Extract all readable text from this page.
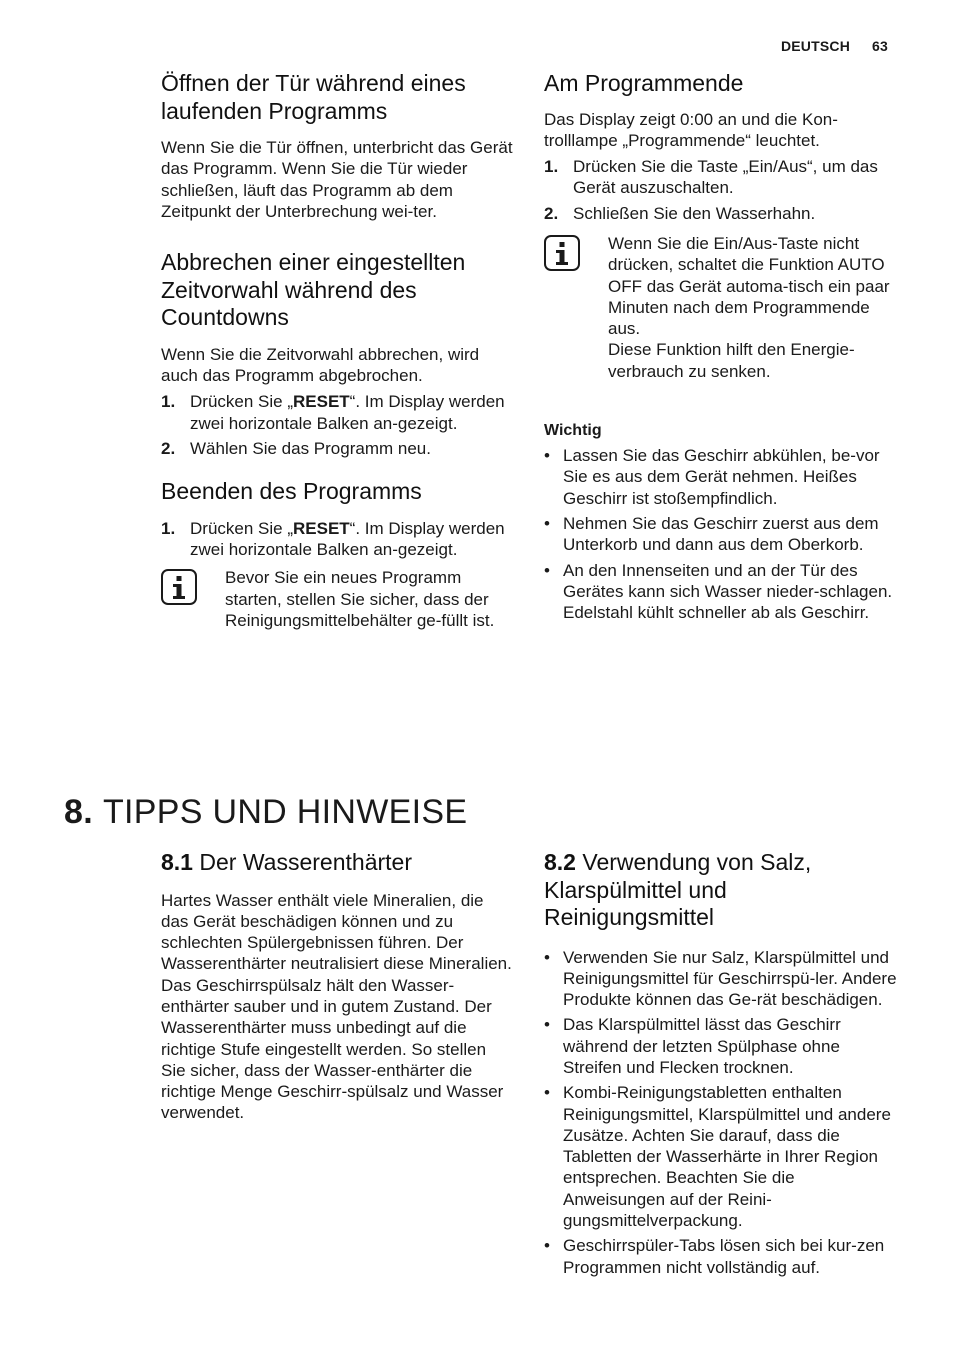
DEUTSCH 63
Öffnen der Tür während eines laufenden Programms

Wenn Sie die Tür öffnen, unterbricht das Gerät das Programm. Wenn Sie die Tür wieder schließen, läuft das Programm ab dem Zeitpunkt der Unterbrechung wei-ter.

Abbrechen einer eingestellten Zeitvorwahl während des Countdowns

Wenn Sie die Zeitvorwahl abbrechen, wird auch das Programm abgebrochen.

1. Drücken Sie „RESET“. Im Display werden zwei horizontale Balken an-gezeigt.
2. Wählen Sie das Programm neu.
Beenden des Programms
1. Drücken Sie „RESET“. Im Display werden zwei horizontale Balken an-gezeigt.

Bevor Sie ein neues Programm starten, stellen Sie sicher, dass der Reinigungsmittelbehälter ge-füllt ist.

Am Programmende

Das Display zeigt 0:00 an und die Kon-trolllampe „Programmende“ leuchtet.

1. Drücken Sie die Taste „Ein/Aus“, um das Gerät auszuschalten.
2. Schließen Sie den Wasserhahn.

Wenn Sie die Ein/Aus-Taste nicht drücken, schaltet die Funktion AUTO OFF das Gerät automa-tisch ein paar Minuten nach dem Programmende aus.

Diese Funktion hilft den Energie-verbrauch zu senken.

Wichtig
• Lassen Sie das Geschirr abkühlen, be-vor Sie es aus dem Gerät nehmen. Heißes Geschirr ist stoßempfindlich.
• Nehmen Sie das Geschirr zuerst aus dem Unterkorb und dann aus dem Oberkorb.
• An den Innenseiten und an der Tür des Gerätes kann sich Wasser nieder-schlagen. Edelstahl kühlt schneller ab als Geschirr.
8. TIPPS UND HINWEISE
8.1 Der Wasserenthärter

Hartes Wasser enthält viele Mineralien, die das Gerät beschädigen können und zu schlechten Spülergebnissen führen. Der Wasserenthärter neutralisiert diese Mineralien.

Das Geschirrspülsalz hält den Wasser-enthärter sauber und in gutem Zustand. Der Wasserenthärter muss unbedingt auf die richtige Stufe eingestellt werden. So stellen Sie sicher, dass der Wasser-enthärter die richtige Menge Geschirr-spülsalz und Wasser verwendet.

8.2 Verwendung von Salz, Klarspülmittel und Reinigungsmittel
• Verwenden Sie nur Salz, Klarspülmittel und Reinigungsmittel für Geschirrspü-ler. Andere Produkte können das Ge-rät beschädigen.
• Das Klarspülmittel lässt das Geschirr während der letzten Spülphase ohne Streifen und Flecken trocknen.
• Kombi-Reinigungstabletten enthalten Reinigungsmittel, Klarspülmittel und andere Zusätze. Achten Sie darauf, dass die Tabletten der Wasserhärte in Ihrer Region entsprechen. Beachten Sie die Anweisungen auf der Reini-gungsmittelverpackung.
• Geschirrspüler-Tabs lösen sich bei kur-zen Programmen nicht vollständig auf.
